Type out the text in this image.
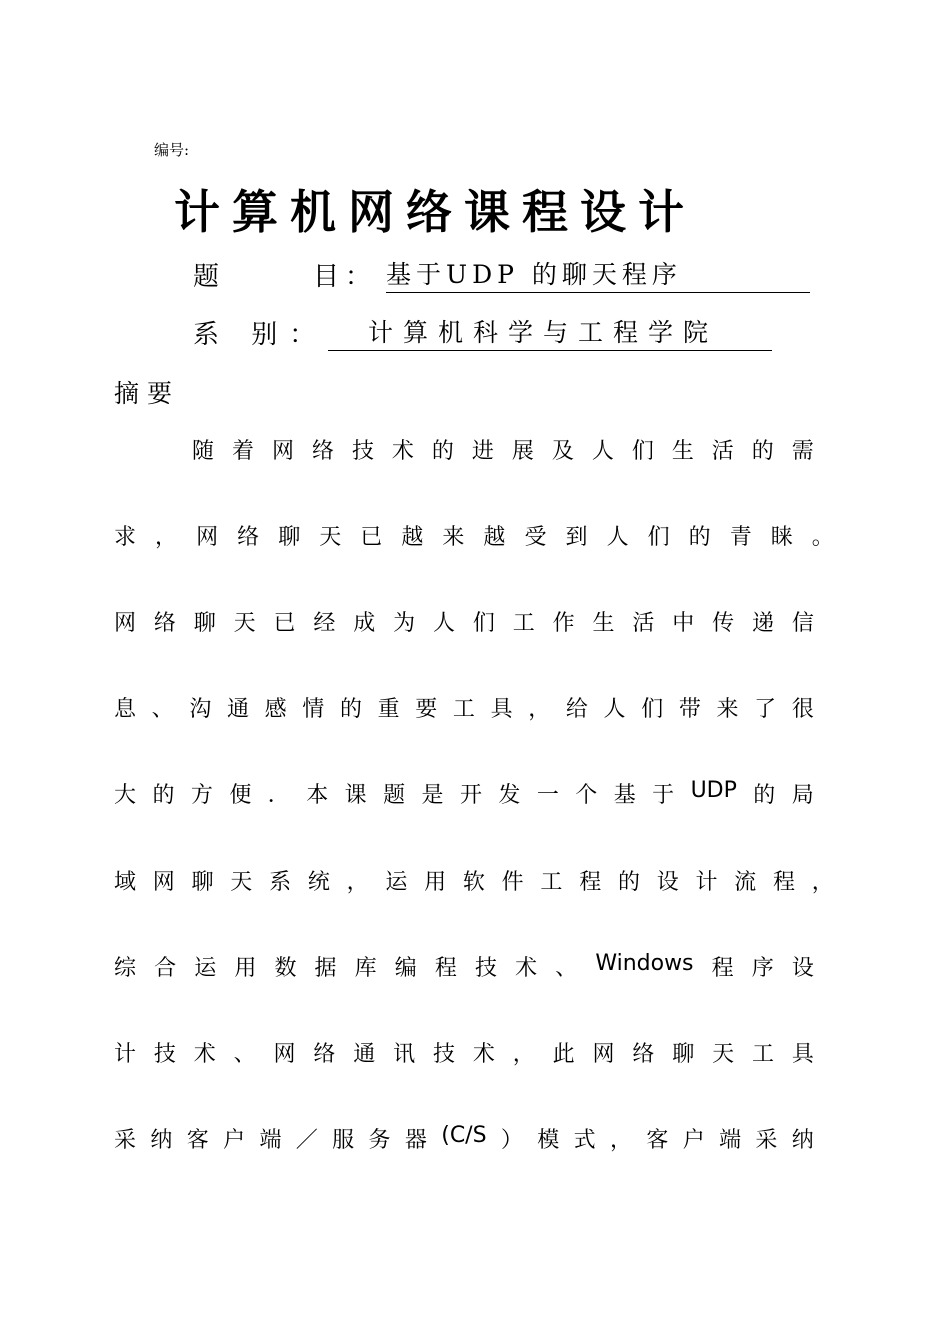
编号:
计算机网络课程设计
题	目： 基于UDP 的聊天程序
系 别：	计算机科学与工程学院
摘要
随 着 网 络 技 术 的 进 展 及 人 们 生 活 的 需
求 ， 网 络 聊 天 已 越 来 越 受 到 人 们 的 青 睐 。
网 络 聊 天 已 经 成 为 人 们 工 作 生 活 中 传 递 信
息 、 沟 通 感 情 的 重 要 工 具 ， 给 人 们 带 来 了 很
大 的 方 便 ． 本 课 题 是 开 发 一 个 基 于 UDP 的 局
域 网 聊 天 系 统 ， 运 用 软 件 工 程 的 设 计 流 程 ，
综 合 运 用 数 据 库 编 程 技 术 、 Windows 程 序 设
计 技 术 、 网 络 通 讯 技 术 ， 此 网 络 聊 天 工 具
采 纳 客 户 端 ／ 服 务 器 (C/S ） 模 式 ， 客 户 端 采 纳
